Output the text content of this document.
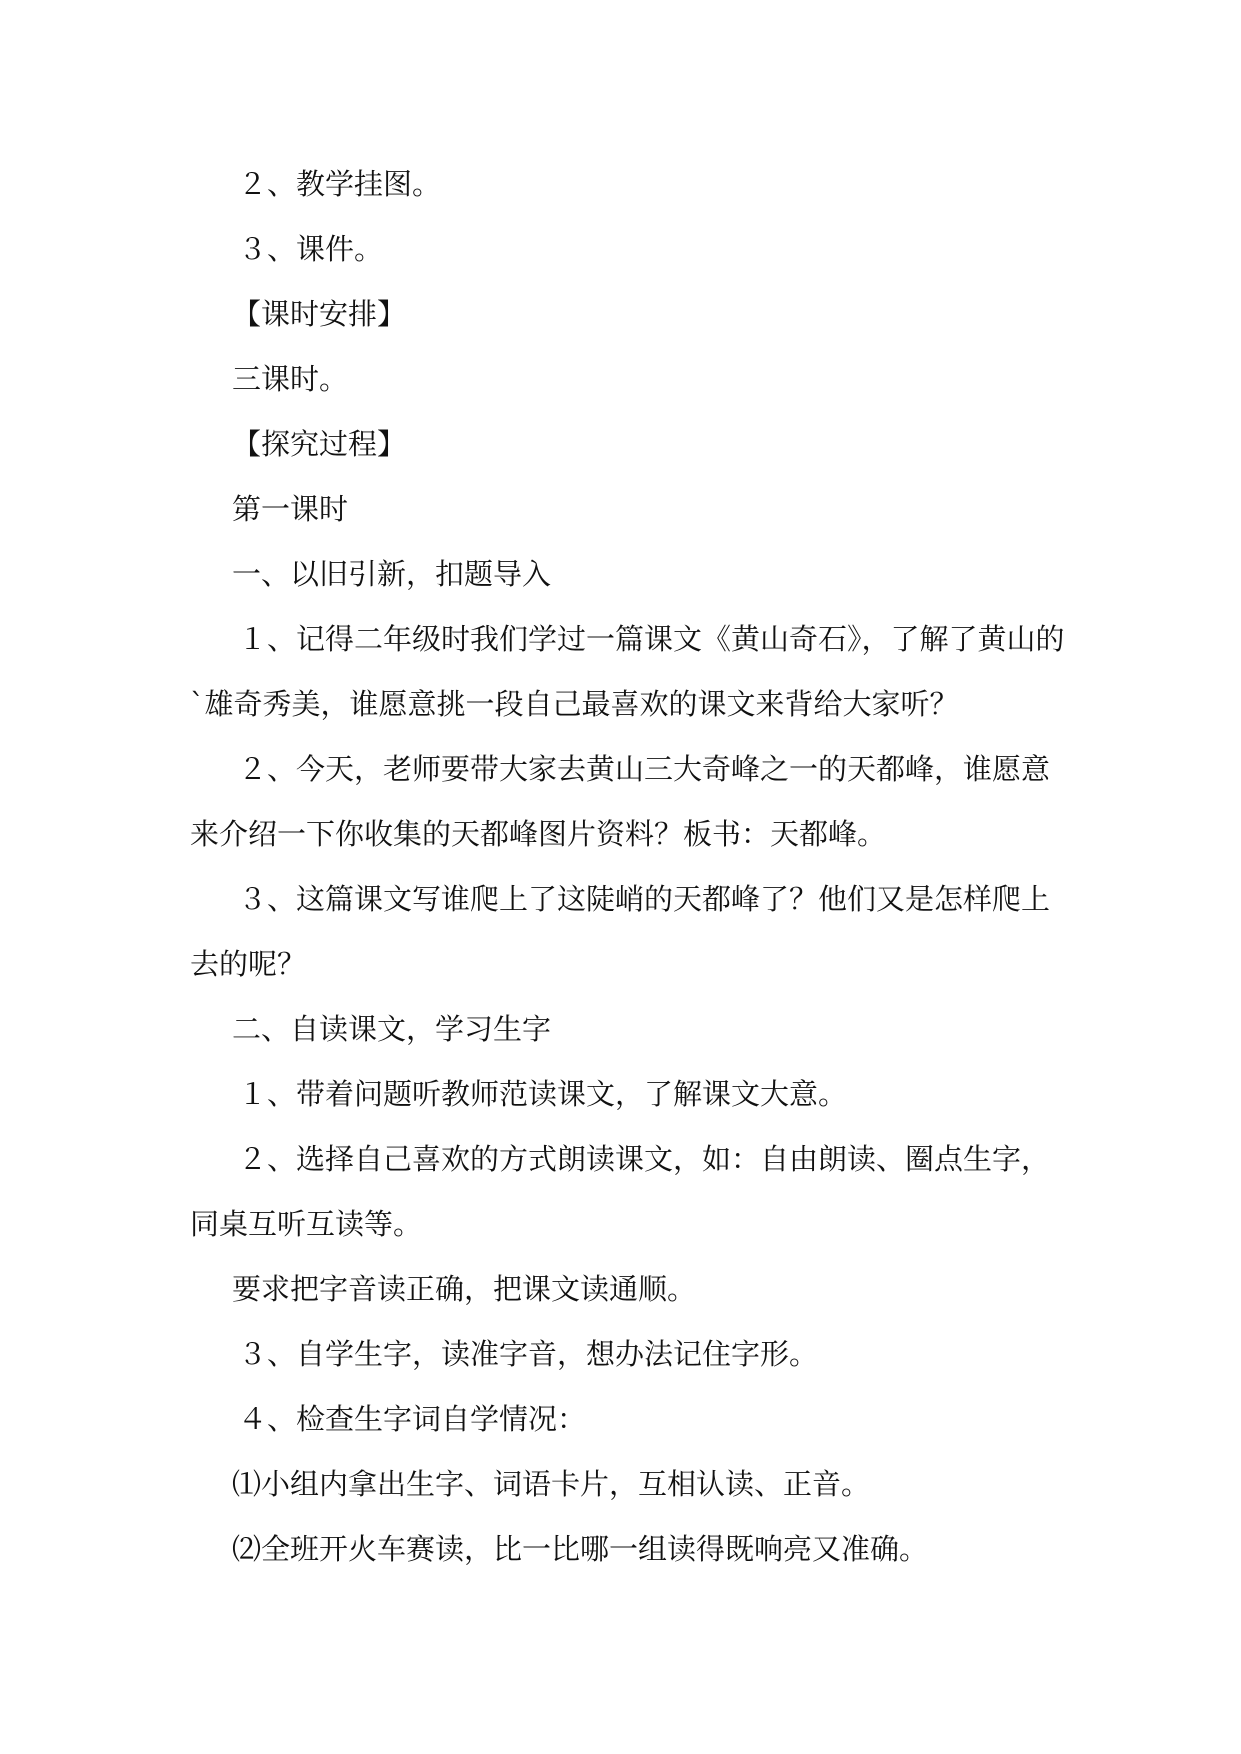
２、教学挂图。
３、课件。
【课时安排】
三课时。
【探究过程】
第一课时
一、以旧引新，扣题导入
１、记得二年级时我们学过一篇课文《黄山奇石》，了解了黄山的
`雄奇秀美，谁愿意挑一段自己最喜欢的课文来背给大家听？
２、今天，老师要带大家去黄山三大奇峰之一的天都峰，谁愿意
来介绍一下你收集的天都峰图片资料？板书：天都峰。
３、这篇课文写谁爬上了这陡峭的天都峰了？他们又是怎样爬上
去的呢？
二、自读课文，学习生字
１、带着问题听教师范读课文，了解课文大意。
２、选择自己喜欢的方式朗读课文，如：自由朗读、圈点生字，
同桌互听互读等。
要求把字音读正确，把课文读通顺。
３、自学生字，读准字音，想办法记住字形。
４、检查生字词自学情况：
⑴小组内拿出生字、词语卡片，互相认读、正音。
⑵全班开火车赛读，比一比哪一组读得既响亮又准确。
